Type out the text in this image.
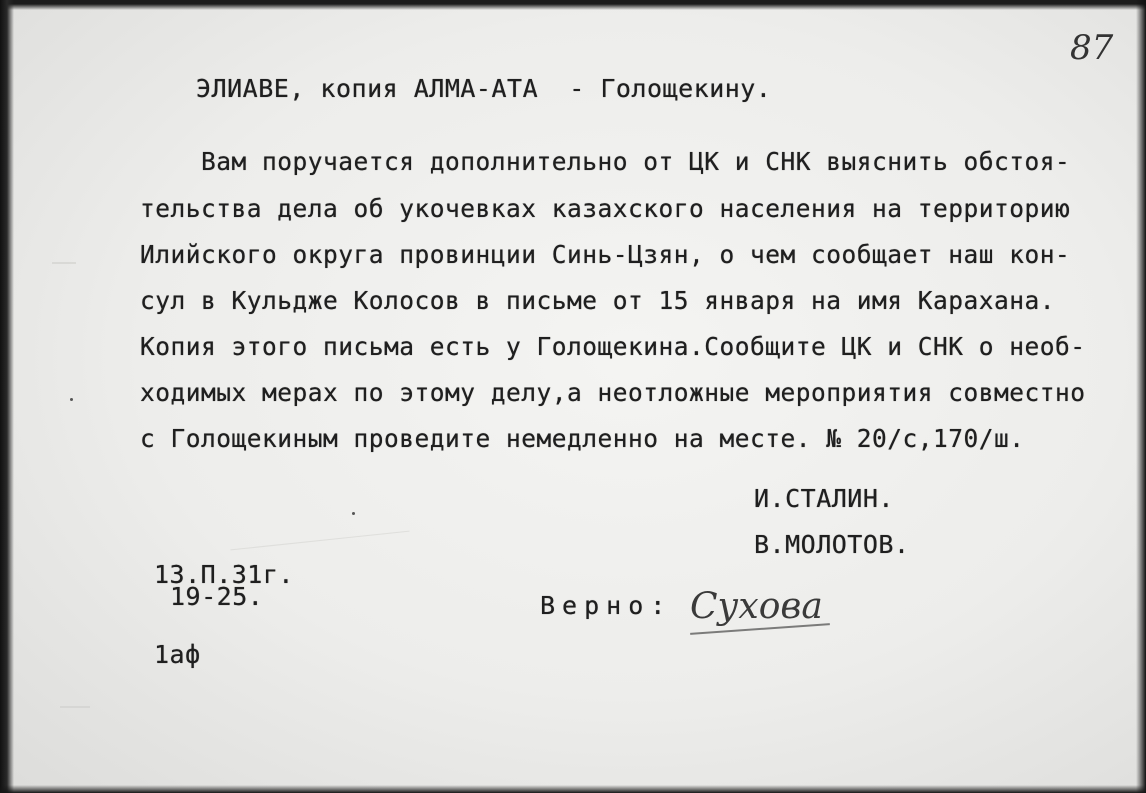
87
ЭЛИАВЕ, копия АЛМА-АТА  - Голощекину.
Вам поручается дополнительно от ЦК и СНК выяснить обстоя-
тельства дела об укочевках казахского населения на территорию
Илийского округа провинции Синь-Цзян, о чем сообщает наш кон-
сул в Кульдже Колосов в письме от 15 января на имя Карахана.
Копия этого письма есть у Голощекина.Сообщите ЦК и СНК о необ-
ходимых мерах по этому делу,а неотложные мероприятия совместно
с Голощекиным проведите немедленно на месте. № 20/с,170/ш.
И.СТАЛИН.
В.МОЛОТОВ.
13.П.31г.
19-25.	Верно: Сухова
1аф
